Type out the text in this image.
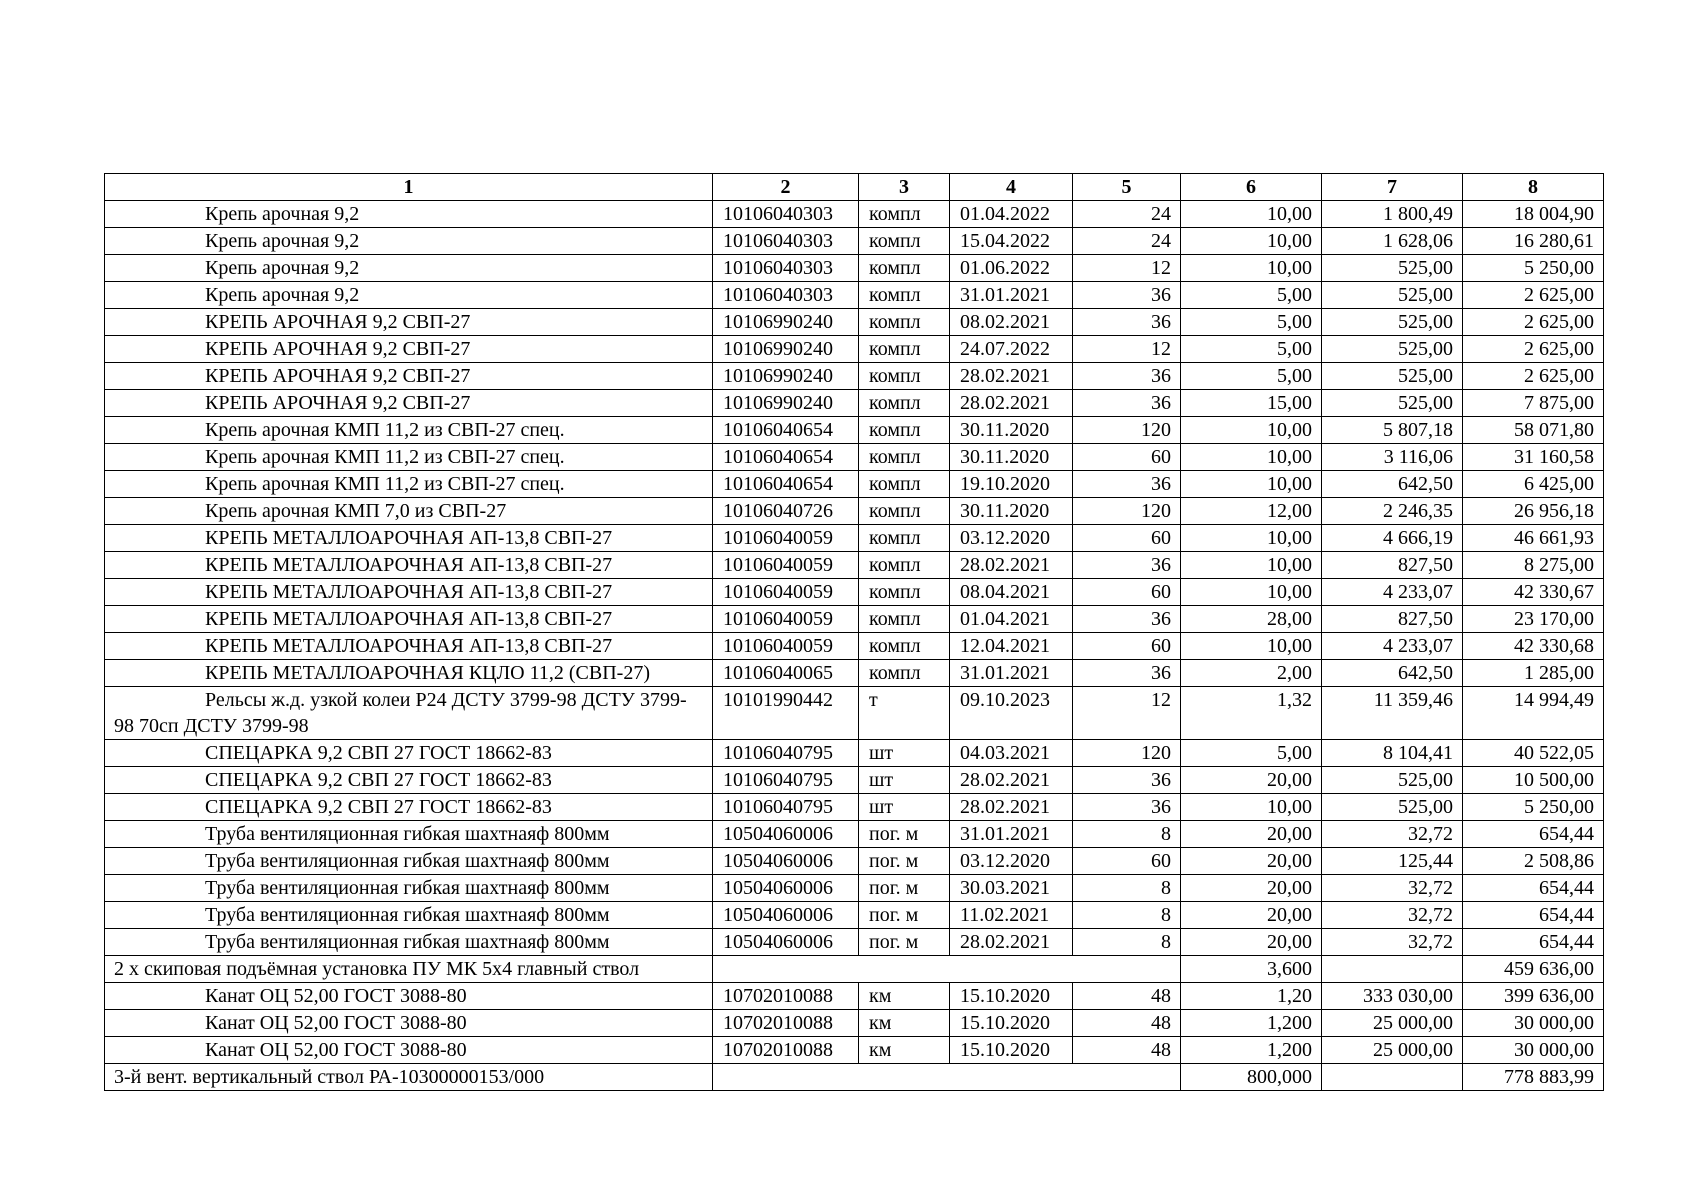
1	2	3	4	5	6	7	8
Крепь арочная 9,2	10106040303	компл	01.04.2022	24	10,00	1 800,49	18 004,90
Крепь арочная 9,2	10106040303	компл	15.04.2022	24	10,00	1 628,06	16 280,61
Крепь арочная 9,2	10106040303	компл	01.06.2022	12	10,00	525,00	5 250,00
Крепь арочная 9,2	10106040303	компл	31.01.2021	36	5,00	525,00	2 625,00
КРЕПЬ АРОЧНАЯ 9,2 СВП-27	10106990240	компл	08.02.2021	36	5,00	525,00	2 625,00
КРЕПЬ АРОЧНАЯ 9,2 СВП-27	10106990240	компл	24.07.2022	12	5,00	525,00	2 625,00
КРЕПЬ АРОЧНАЯ 9,2 СВП-27	10106990240	компл	28.02.2021	36	5,00	525,00	2 625,00
КРЕПЬ АРОЧНАЯ 9,2 СВП-27	10106990240	компл	28.02.2021	36	15,00	525,00	7 875,00
Крепь арочная КМП 11,2 из СВП-27 спец.	10106040654	компл	30.11.2020	120	10,00	5 807,18	58 071,80
Крепь арочная КМП 11,2 из СВП-27 спец.	10106040654	компл	30.11.2020	60	10,00	3 116,06	31 160,58
Крепь арочная КМП 11,2 из СВП-27 спец.	10106040654	компл	19.10.2020	36	10,00	642,50	6 425,00
Крепь арочная КМП 7,0 из СВП-27	10106040726	компл	30.11.2020	120	12,00	2 246,35	26 956,18
КРЕПЬ МЕТАЛЛОАРОЧНАЯ АП-13,8 СВП-27	10106040059	компл	03.12.2020	60	10,00	4 666,19	46 661,93
КРЕПЬ МЕТАЛЛОАРОЧНАЯ АП-13,8 СВП-27	10106040059	компл	28.02.2021	36	10,00	827,50	8 275,00
КРЕПЬ МЕТАЛЛОАРОЧНАЯ АП-13,8 СВП-27	10106040059	компл	08.04.2021	60	10,00	4 233,07	42 330,67
КРЕПЬ МЕТАЛЛОАРОЧНАЯ АП-13,8 СВП-27	10106040059	компл	01.04.2021	36	28,00	827,50	23 170,00
КРЕПЬ МЕТАЛЛОАРОЧНАЯ АП-13,8 СВП-27	10106040059	компл	12.04.2021	60	10,00	4 233,07	42 330,68
КРЕПЬ МЕТАЛЛОАРОЧНАЯ КЦЛО 11,2 (СВП-27)	10106040065	компл	31.01.2021	36	2,00	642,50	1 285,00
Рельсы ж.д. узкой колеи Р24 ДСТУ 3799-98 ДСТУ 3799-98 70сп ДСТУ 3799-98	10101990442	т	09.10.2023	12	1,32	11 359,46	14 994,49
СПЕЦАРКА 9,2 СВП 27 ГОСТ 18662-83	10106040795	шт	04.03.2021	120	5,00	8 104,41	40 522,05
СПЕЦАРКА 9,2 СВП 27 ГОСТ 18662-83	10106040795	шт	28.02.2021	36	20,00	525,00	10 500,00
СПЕЦАРКА 9,2 СВП 27 ГОСТ 18662-83	10106040795	шт	28.02.2021	36	10,00	525,00	5 250,00
Труба вентиляционная гибкая шахтнаяф 800мм	10504060006	пог. м	31.01.2021	8	20,00	32,72	654,44
Труба вентиляционная гибкая шахтнаяф 800мм	10504060006	пог. м	03.12.2020	60	20,00	125,44	2 508,86
Труба вентиляционная гибкая шахтнаяф 800мм	10504060006	пог. м	30.03.2021	8	20,00	32,72	654,44
Труба вентиляционная гибкая шахтнаяф 800мм	10504060006	пог. м	11.02.2021	8	20,00	32,72	654,44
Труба вентиляционная гибкая шахтнаяф 800мм	10504060006	пог. м	28.02.2021	8	20,00	32,72	654,44
2 х скиповая подъёмная установка ПУ МК 5х4 главный ствол					3,600		459 636,00
Канат ОЦ 52,00 ГОСТ 3088-80	10702010088	км	15.10.2020	48	1,20	333 030,00	399 636,00
Канат ОЦ 52,00 ГОСТ 3088-80	10702010088	км	15.10.2020	48	1,200	25 000,00	30 000,00
Канат ОЦ 52,00 ГОСТ 3088-80	10702010088	км	15.10.2020	48	1,200	25 000,00	30 000,00
3-й вент. вертикальный ствол РА-10300000153/000					800,000		778 883,99
